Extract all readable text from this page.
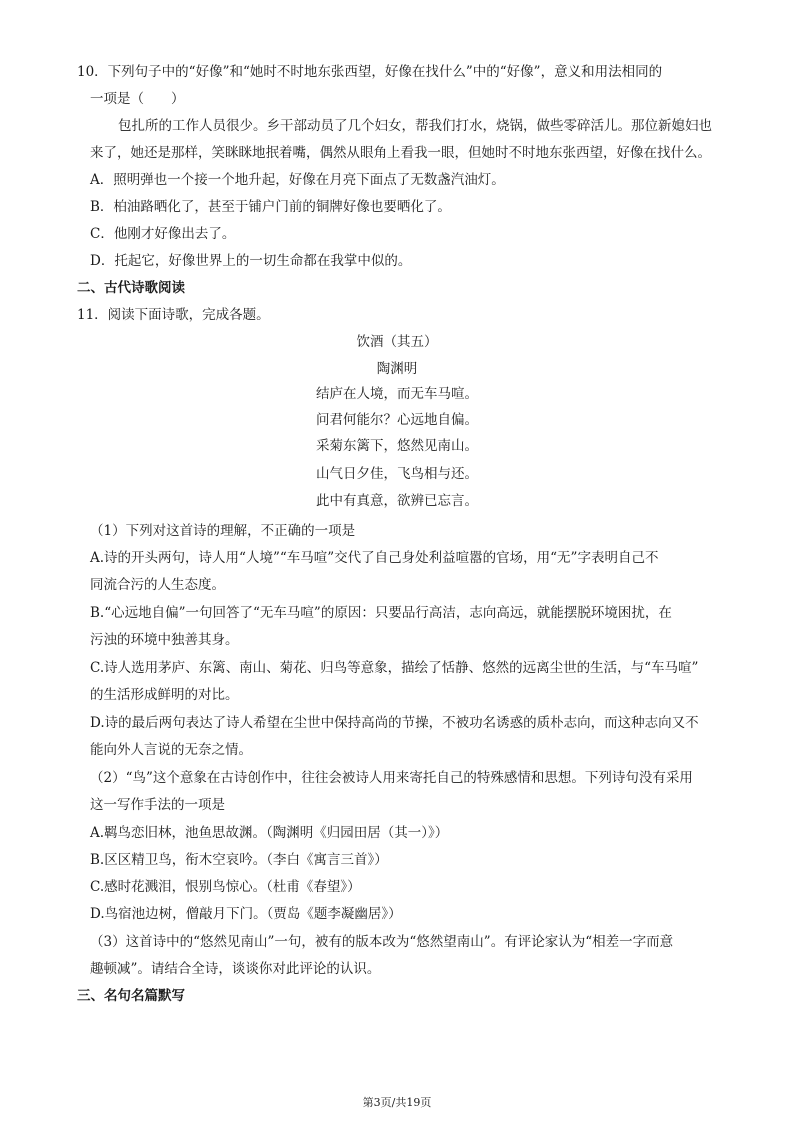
10．下列句子中的“好像”和“她时不时地东张西望，好像在找什么”中的“好像”，意义和用法相同的
一项是（　　）
包扎所的工作人员很少。乡干部动员了几个妇女，帮我们打水，烧锅，做些零碎活儿。那位新媳妇也
来了，她还是那样，笑眯眯地抿着嘴，偶然从眼角上看我一眼，但她时不时地东张西望，好像在找什么。
A．照明弹也一个接一个地升起，好像在月亮下面点了无数盏汽油灯。
B．柏油路晒化了，甚至于铺户门前的铜牌好像也要晒化了。
C．他刚才好像出去了。
D．托起它，好像世界上的一切生命都在我掌中似的。
二、古代诗歌阅读
11．阅读下面诗歌，完成各题。
饮酒（其五）
陶渊明
结庐在人境，而无车马喧。
问君何能尔？心远地自偏。
采菊东篱下，悠然见南山。
山气日夕佳，飞鸟相与还。
此中有真意，欲辨已忘言。
（1）下列对这首诗的理解，不正确的一项是
A.诗的开头两句，诗人用“人境”“车马喧”交代了自己身处利益喧嚣的官场，用“无”字表明自己不
同流合污的人生态度。
B.“心远地自偏”一句回答了“无车马喧”的原因：只要品行高洁，志向高远，就能摆脱环境困扰，在
污浊的环境中独善其身。
C.诗人选用茅庐、东篱、南山、菊花、归鸟等意象，描绘了恬静、悠然的远离尘世的生活，与“车马喧”
的生活形成鲜明的对比。
D.诗的最后两句表达了诗人希望在尘世中保持高尚的节操，不被功名诱惑的质朴志向，而这种志向又不
能向外人言说的无奈之情。
（2）“鸟”这个意象在古诗创作中，往往会被诗人用来寄托自己的特殊感情和思想。下列诗句没有采用
这一写作手法的一项是
A.羁鸟恋旧林，池鱼思故渊。（陶渊明《归园田居（其一）》）
B.区区精卫鸟，衔木空哀吟。（李白《寓言三首》）
C.感时花溅泪，恨别鸟惊心。（杜甫《春望》）
D.鸟宿池边树，僧敲月下门。（贾岛《题李凝幽居》）
（3）这首诗中的“悠然见南山”一句，被有的版本改为“悠然望南山”。有评论家认为“相差一字而意
趣顿减”。请结合全诗，谈谈你对此评论的认识。
三、名句名篇默写
第3页/共19页
